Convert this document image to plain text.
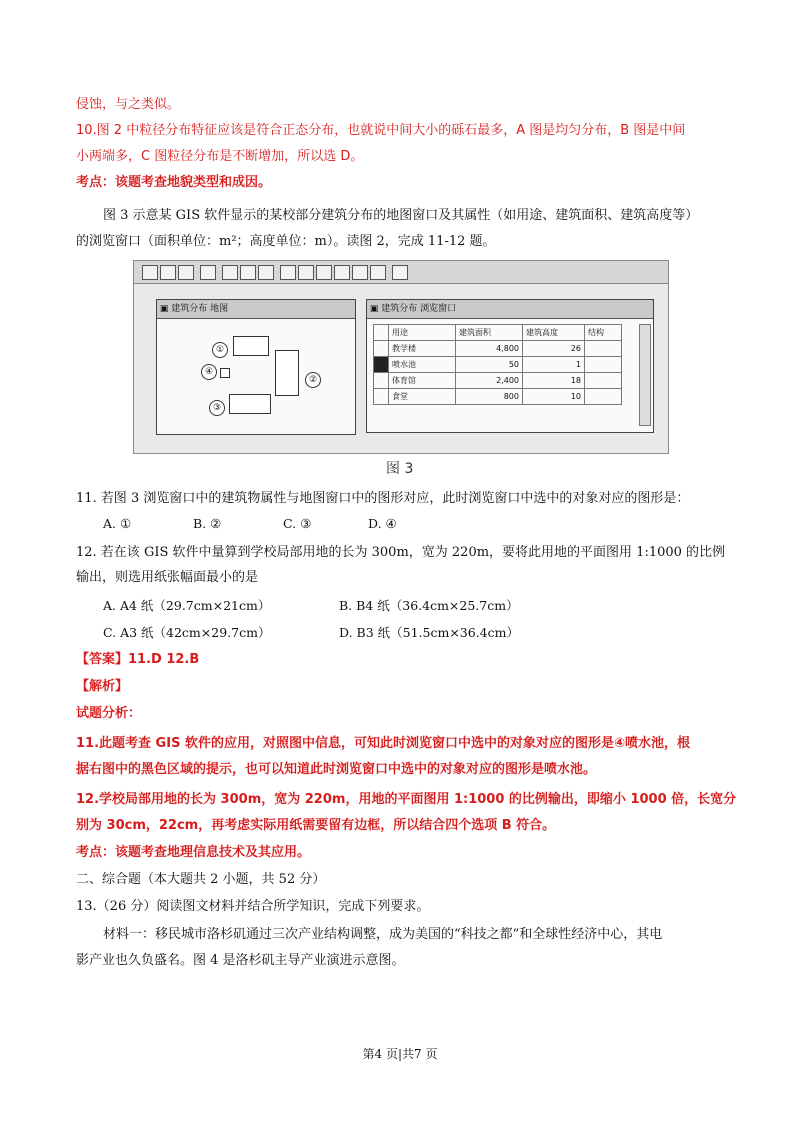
侵蚀，与之类似。
10.图 2 中粒径分布特征应该是符合正态分布，也就说中间大小的砾石最多，A 图是均匀分布，B 图是中间
小两端多，C 图粒径分布是不断增加，所以选 D。
考点：该题考查地貌类型和成因。
图 3 示意某 GIS 软件显示的某校部分建筑分布的地图窗口及其属性（如用途、建筑面积、建筑高度等）
的浏览窗口（面积单位：m²；高度单位：m）。读图 2，完成 11-12 题。
▣ 建筑分布 地图
①
④
②
③
▣ 建筑分布 浏览窗口
	用途	建筑面积	建筑高度	结构
	教学楼	4,800	26	
	喷水池	50	1	
	体育馆	2,400	18	
	食堂	800	10	
图 3
11. 若图 3 浏览窗口中的建筑物属性与地图窗口中的图形对应，此时浏览窗口中选中的对象对应的图形是：
A. ①	B. ②	C. ③	D. ④
12. 若在该 GIS 软件中量算到学校局部用地的长为 300m，宽为 220m，要将此用地的平面图用 1:1000 的比例
输出，则选用纸张幅面最小的是
A. A4 纸（29.7cm×21cm）	B. B4 纸（36.4cm×25.7cm）
C. A3 纸（42cm×29.7cm）	D. B3 纸（51.5cm×36.4cm）
【答案】11.D 12.B
【解析】
试题分析：
11.此题考查 GIS 软件的应用，对照图中信息，可知此时浏览窗口中选中的对象对应的图形是④喷水池，根
据右图中的黑色区域的提示，也可以知道此时浏览窗口中选中的对象对应的图形是喷水池。
12.学校局部用地的长为 300m，宽为 220m，用地的平面图用 1:1000 的比例输出，即缩小 1000 倍，长宽分
别为 30cm，22cm，再考虑实际用纸需要留有边框，所以结合四个选项 B 符合。
考点：该题考查地理信息技术及其应用。
二、综合题（本大题共 2 小题，共 52 分）
13.（26 分）阅读图文材料并结合所学知识，完成下列要求。
材料一：移民城市洛杉矶通过三次产业结构调整，成为美国的“科技之都”和全球性经济中心，其电
影产业也久负盛名。图 4 是洛杉矶主导产业演进示意图。
第4 页|共7 页
